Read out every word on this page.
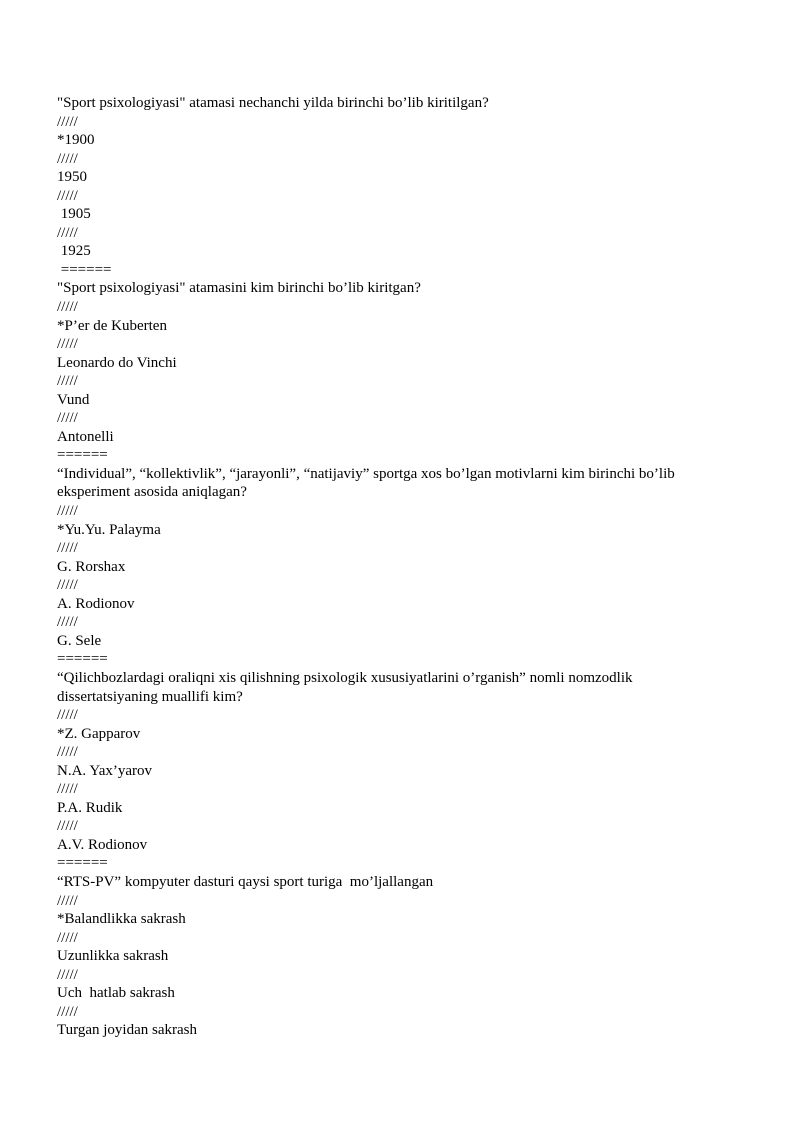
"Sport psixologiyasi" atamasi nechanchi yilda birinchi bo’lib kiritilgan?
/////
*1900
/////
1950
/////
1905
/////
1925
======
"Sport psixologiyasi" atamasini kim birinchi bo’lib kiritgan?
/////
*P’er de Kuberten
/////
Leonardo do Vinchi
/////
Vund
/////
Antonelli
======
“Individual”, “kollektivlik”, “jarayonli”, “natijaviy” sportga xos bo’lgan motivlarni kim birinchi bo’lib eksperiment asosida aniqlagan?
/////
*Yu.Yu. Palayma
/////
G. Rorshax
/////
A. Rodionov
/////
G. Sele
======
“Qilichbozlardagi oraliqni xis qilishning psixologik xususiyatlarini o’rganish” nomli nomzodlik dissertatsiyaning muallifi kim?
/////
*Z. Gapparov
/////
N.A. Yax’yarov
/////
P.A. Rudik
/////
A.V. Rodionov
======
“RTS-PV” kompyuter dasturi qaysi sport turiga  mo’ljallangan
/////
*Balandlikka sakrash
/////
Uzunlikka sakrash
/////
Uch  hatlab sakrash
/////
Turgan joyidan sakrash
